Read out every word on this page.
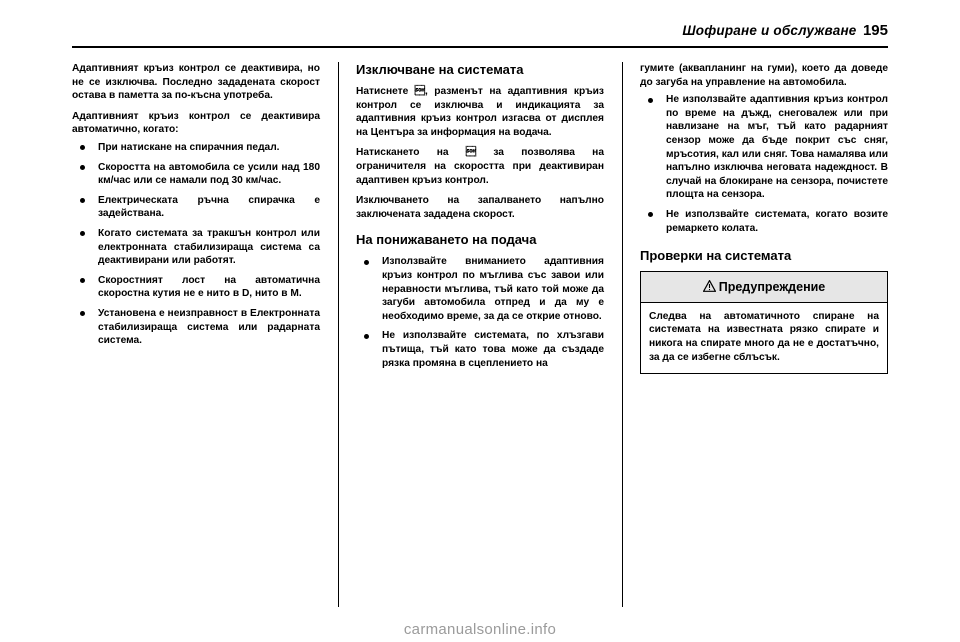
Шофиране и обслужване 195

Адаптивният кръиз контрол се деактивира, но не се изключва. Последно зададената скорост остава в паметта за по-късна употреба.

Адаптивният кръиз контрол се деактивира автоматично, когато:

При натискане на спирачния педал.
Скоростта на автомобила се усили над 180 км/час или се намали под 30 км/час.
Електрическата ръчна спирачка е задействана.
Когато системата за тракшън контрол или електронната стабилизираща система са деактивирани или работят.
Скоростният лост на автоматична скоростна кутия не е нито в D, нито в M.
Установена е неизправност в Електронната стабилизираща система или радарната система.
Изключване на системата

Натиснете , разменът на адаптивния кръиз контрол се изключва и индикацията за адаптивния кръиз контрол изгасва от дисплея на Центъра за информация на водача.

Натискането на  за позволява на ограничителя на скоростта при деактивиран адаптивен кръиз контрол.

Изключването на запалването напълно заключената зададена скорост.

На понижаването на подача
Използвайте вниманието адаптивния кръиз контрол по мъглива със завои или неравности мъглива, тъй като той може да загуби автомобила отпред и да му е необходимо време, за да се открие отново.
Не използвайте системата, по хлъзгави пътища, тъй като това може да създаде рязка промяна в сцеплението на

гумите (аквапланинг на гуми), което да доведе до загуба на управление на автомобила.

Не използвайте адаптивния кръиз контрол по време на дъжд, снеговалеж или при навлизане на мъг, тъй като радарният сензор може да бъде покрит със сняг, мръсотия, кал или сняг. Това намалява или напълно изключва неговата надеждност. В случай на блокиране на сензора, почистете площта на сензора.
Не използвайте системата, когато возите ремаркето колата.
Проверки на системата
Предупреждение
Следва на автоматичното спиране на системата на известната рязко спирате и никога на спирате много да не е достатъчно, за да се избегне сблъсък.
carmanualsonline.info
